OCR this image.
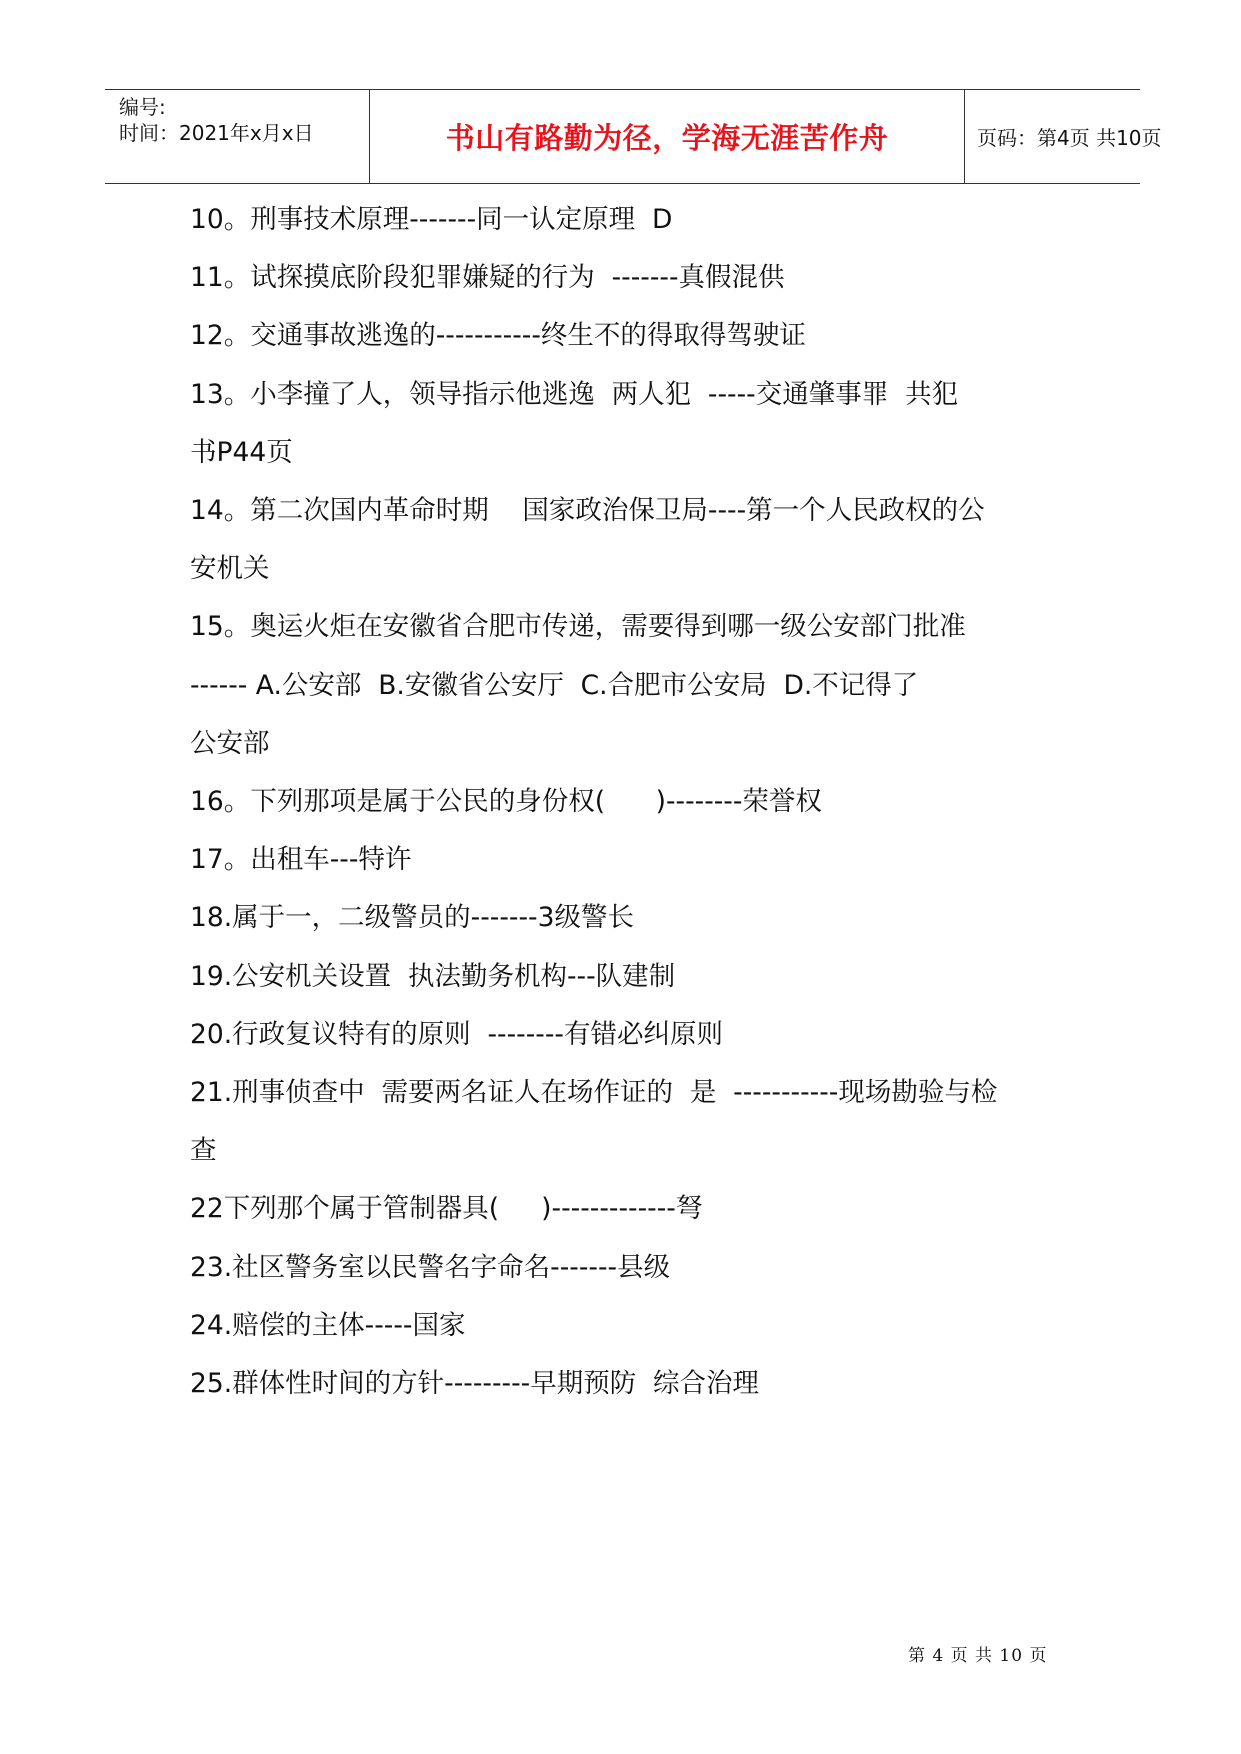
编号:
时间：2021年x月x日	书山有路勤为径，学海无涯苦作舟	页码：第4页 共10页
10。刑事技术原理-------同一认定原理  D
11。试探摸底阶段犯罪嫌疑的行为  -------真假混供
12。交通事故逃逸的-----------终生不的得取得驾驶证
13。小李撞了人，领导指示他逃逸  两人犯  -----交通肇事罪  共犯
书P44页
14。第二次国内革命时期    国家政治保卫局----第一个人民政权的公
安机关
15。奥运火炬在安徽省合肥市传递，需要得到哪一级公安部门批准
------ A.公安部  B.安徽省公安厅  C.合肥市公安局  D.不记得了
公安部
16。下列那项是属于公民的身份权(      )--------荣誉权
17。出租车---特许
18.属于一，二级警员的-------3级警长
19.公安机关设置  执法勤务机构---队建制
20.行政复议特有的原则  --------有错必纠原则
21.刑事侦查中  需要两名证人在场作证的  是  -----------现场勘验与检
查
22下列那个属于管制器具(     )-------------弩
23.社区警务室以民警名字命名-------县级
24.赔偿的主体-----国家
25.群体性时间的方针---------早期预防  综合治理
第 4 页 共 10 页
